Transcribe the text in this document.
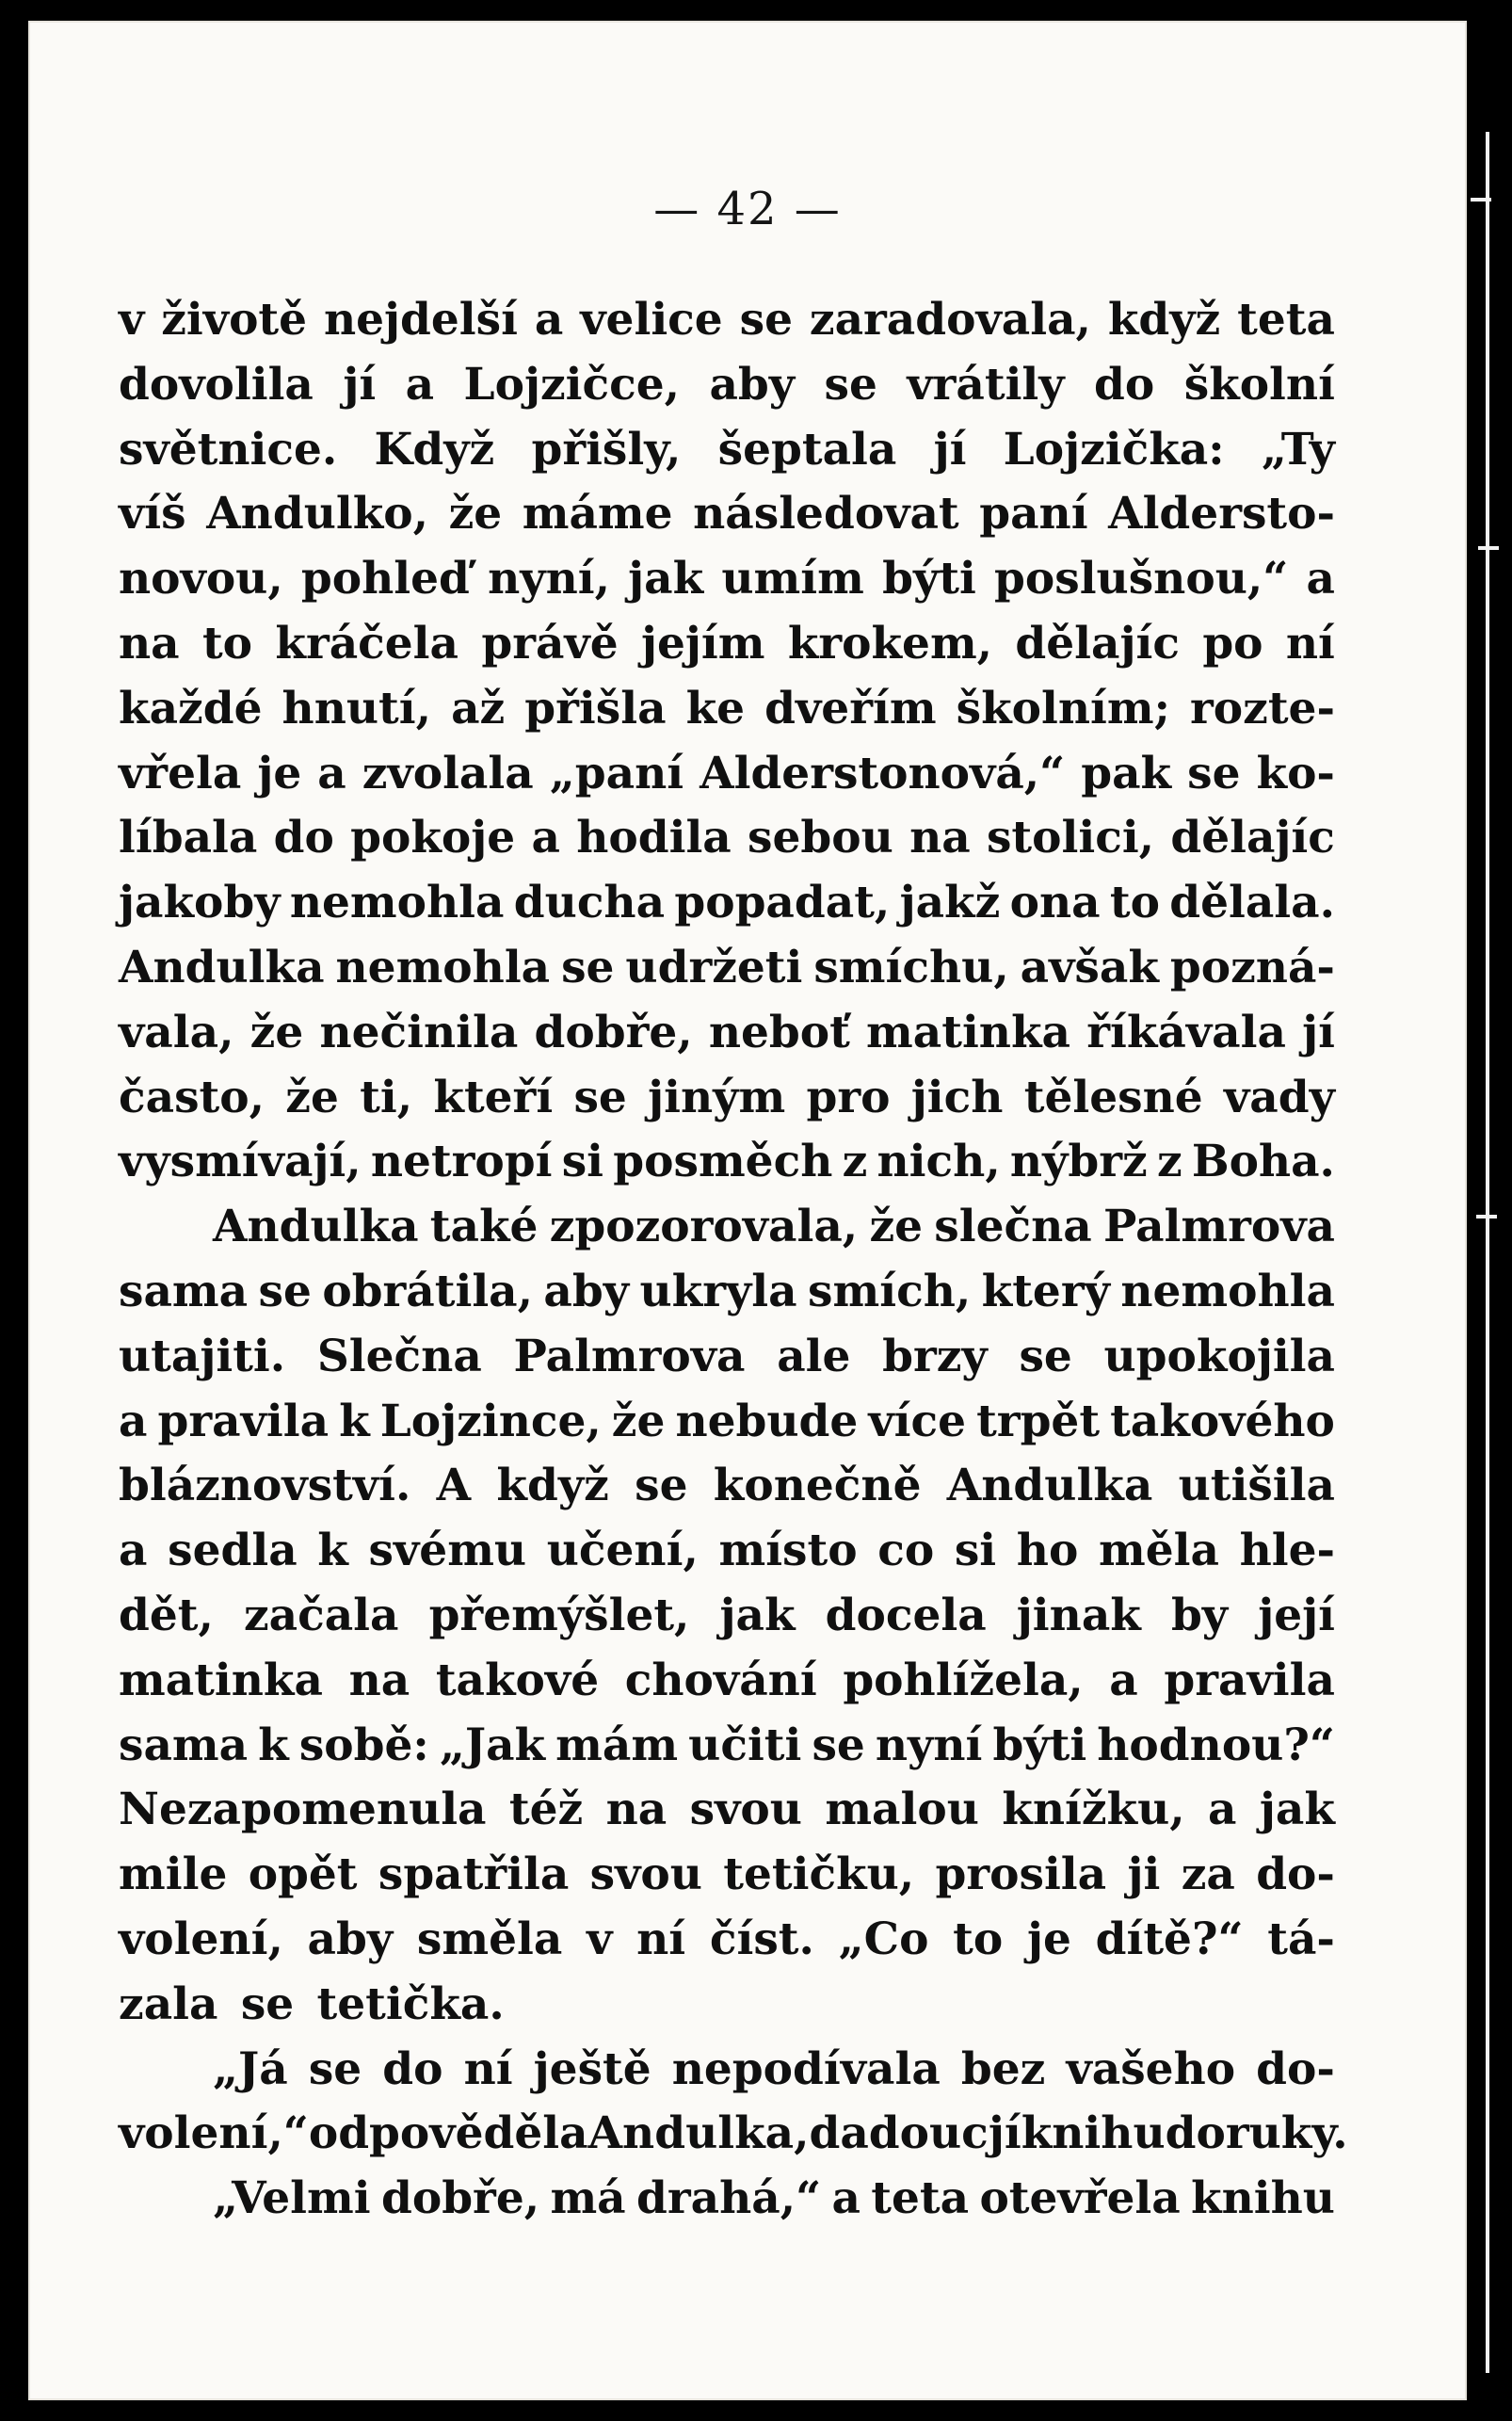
— 42 —
v životě nejdelší a velice se zaradovala, když teta
dovolila jí a Lojzičce, aby se vrátily do školní
světnice. Když přišly, šeptala jí Lojzička: „Ty
víš Andulko, že máme následovat paní Aldersto-
novou, pohleď nyní, jak umím býti poslušnou,“ a
na to kráčela právě jejím krokem, dělajíc po ní
každé hnutí, až přišla ke dveřím školním; rozte-
vřela je a zvolala „paní Alderstonová,“ pak se ko-
líbala do pokoje a hodila sebou na stolici, dělajíc
jakoby nemohla ducha popadat, jakž ona to dělala.
Andulka nemohla se udržeti smíchu, avšak pozná-
vala, že nečinila dobře, neboť matinka říkávala jí
často, že ti, kteří se jiným pro jich tělesné vady
vysmívají, netropí si posměch z nich, nýbrž z Boha.
Andulka také zpozorovala, že slečna Palmrova
sama se obrátila, aby ukryla smích, který nemohla
utajiti. Slečna Palmrova ale brzy se upokojila
a pravila k Lojzince, že nebude více trpět takového
bláznovství. A když se konečně Andulka utišila
a sedla k svému učení, místo co si ho měla hle-
dět, začala přemýšlet, jak docela jinak by její
matinka na takové chování pohlížela, a pravila
sama k sobě: „Jak mám učiti se nyní býti hodnou?“
Nezapomenula též na svou malou knížku, a jak
mile opět spatřila svou tetičku, prosila ji za do-
volení, aby směla v ní číst. „Co to je dítě?“ tá-
zala se tetička.
„Já se do ní ještě nepodívala bez vašeho do-
volení,“ odpověděla Andulka, dadouc jí knihu do ruky.
„Velmi dobře, má drahá,“ a teta otevřela knihu
